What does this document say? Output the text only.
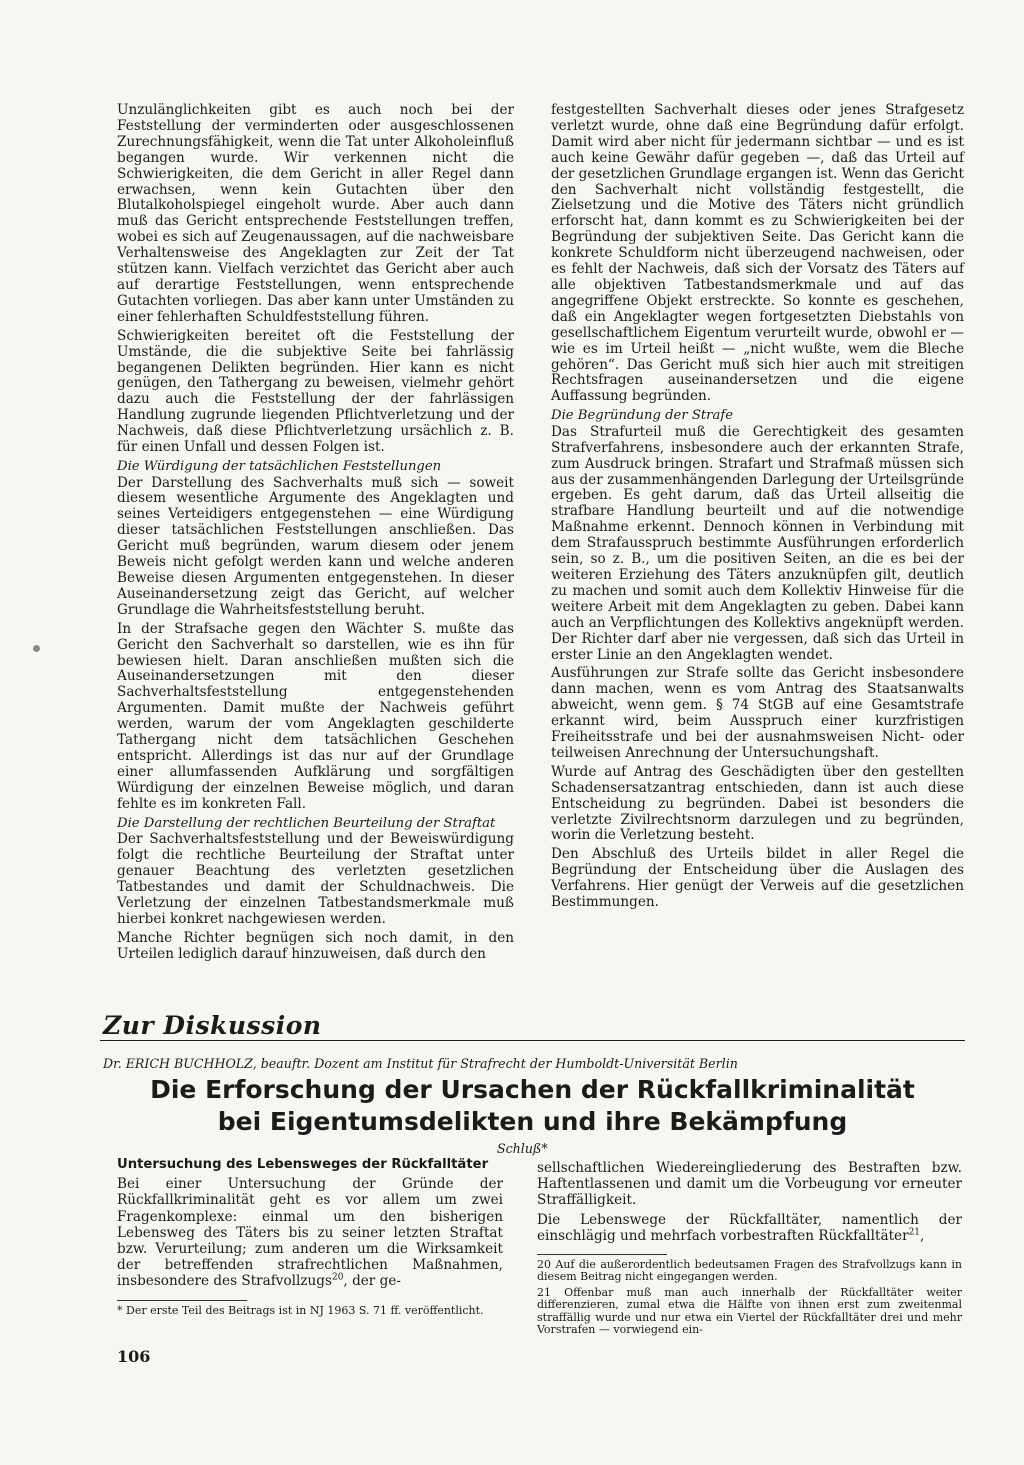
Unzulänglichkeiten gibt es auch noch bei der Feststellung der verminderten oder ausgeschlossenen Zurechnungsfähigkeit, wenn die Tat unter Alkoholeinfluß begangen wurde. Wir verkennen nicht die Schwierigkeiten, die dem Gericht in aller Regel dann erwachsen, wenn kein Gutachten über den Blutalkoholspiegel eingeholt wurde. Aber auch dann muß das Gericht entsprechende Feststellungen treffen, wobei es sich auf Zeugenaussagen, auf die nachweisbare Verhaltensweise des Angeklagten zur Zeit der Tat stützen kann. Vielfach verzichtet das Gericht aber auch auf derartige Feststellungen, wenn entsprechende Gutachten vorliegen. Das aber kann unter Umständen zu einer fehlerhaften Schuldfeststellung führen.

Schwierigkeiten bereitet oft die Feststellung der Umstände, die die subjektive Seite bei fahrlässig begangenen Delikten begründen. Hier kann es nicht genügen, den Tathergang zu beweisen, vielmehr gehört dazu auch die Feststellung der der fahrlässigen Handlung zugrunde liegenden Pflichtverletzung und der Nachweis, daß diese Pflichtverletzung ursächlich z. B. für einen Unfall und dessen Folgen ist.

Die Würdigung der tatsächlichen Feststellungen

Der Darstellung des Sachverhalts muß sich — soweit diesem wesentliche Argumente des Angeklagten und seines Verteidigers entgegenstehen — eine Würdigung dieser tatsächlichen Feststellungen anschließen. Das Gericht muß begründen, warum diesem oder jenem Beweis nicht gefolgt werden kann und welche anderen Beweise diesen Argumenten entgegenstehen. In dieser Auseinandersetzung zeigt das Gericht, auf welcher Grundlage die Wahrheitsfeststellung beruht.

In der Strafsache gegen den Wächter S. mußte das Gericht den Sachverhalt so darstellen, wie es ihn für bewiesen hielt. Daran anschließen mußten sich die Auseinandersetzungen mit den dieser Sachverhaltsfeststellung entgegenstehenden Argumenten. Damit mußte der Nachweis geführt werden, warum der vom Angeklagten geschilderte Tathergang nicht dem tatsächlichen Geschehen entspricht. Allerdings ist das nur auf der Grundlage einer allumfassenden Aufklärung und sorgfältigen Würdigung der einzelnen Beweise möglich, und daran fehlte es im konkreten Fall.

Die Darstellung der rechtlichen Beurteilung der Straftat

Der Sachverhaltsfeststellung und der Beweiswürdigung folgt die rechtliche Beurteilung der Straftat unter genauer Beachtung des verletzten gesetzlichen Tatbestandes und damit der Schuldnachweis. Die Verletzung der einzelnen Tatbestandsmerkmale muß hierbei konkret nachgewiesen werden.

Manche Richter begnügen sich noch damit, in den Urteilen lediglich darauf hinzuweisen, daß durch den

festgestellten Sachverhalt dieses oder jenes Strafgesetz verletzt wurde, ohne daß eine Begründung dafür erfolgt. Damit wird aber nicht für jedermann sichtbar — und es ist auch keine Gewähr dafür gegeben —, daß das Urteil auf der gesetzlichen Grundlage ergangen ist. Wenn das Gericht den Sachverhalt nicht vollständig festgestellt, die Zielsetzung und die Motive des Täters nicht gründlich erforscht hat, dann kommt es zu Schwierigkeiten bei der Begründung der subjektiven Seite. Das Gericht kann die konkrete Schuldform nicht überzeugend nachweisen, oder es fehlt der Nachweis, daß sich der Vorsatz des Täters auf alle objektiven Tatbestandsmerkmale und auf das angegriffene Objekt erstreckte. So konnte es geschehen, daß ein Angeklagter wegen fortgesetzten Diebstahls von gesellschaftlichem Eigentum verurteilt wurde, obwohl er — wie es im Urteil heißt — „nicht wußte, wem die Bleche gehören“. Das Gericht muß sich hier auch mit streitigen Rechtsfragen auseinandersetzen und die eigene Auffassung begründen.

Die Begründung der Strafe

Das Strafurteil muß die Gerechtigkeit des gesamten Strafverfahrens, insbesondere auch der erkannten Strafe, zum Ausdruck bringen. Strafart und Strafmaß müssen sich aus der zusammenhängenden Darlegung der Urteilsgründe ergeben. Es geht darum, daß das Urteil allseitig die strafbare Handlung beurteilt und auf die notwendige Maßnahme erkennt. Dennoch können in Verbindung mit dem Strafausspruch bestimmte Ausführungen erforderlich sein, so z. B., um die positiven Seiten, an die es bei der weiteren Erziehung des Täters anzuknüpfen gilt, deutlich zu machen und somit auch dem Kollektiv Hinweise für die weitere Arbeit mit dem Angeklagten zu geben. Dabei kann auch an Verpflichtungen des Kollektivs angeknüpft werden. Der Richter darf aber nie vergessen, daß sich das Urteil in erster Linie an den Angeklagten wendet.

Ausführungen zur Strafe sollte das Gericht insbesondere dann machen, wenn es vom Antrag des Staatsanwalts abweicht, wenn gem. § 74 StGB auf eine Gesamtstrafe erkannt wird, beim Ausspruch einer kurzfristigen Freiheitsstrafe und bei der ausnahmsweisen Nicht- oder teilweisen Anrechnung der Untersuchungshaft.

Wurde auf Antrag des Geschädigten über den gestellten Schadensersatzantrag entschieden, dann ist auch diese Entscheidung zu begründen. Dabei ist besonders die verletzte Zivilrechtsnorm darzulegen und zu begründen, worin die Verletzung besteht.

Den Abschluß des Urteils bildet in aller Regel die Begründung der Entscheidung über die Auslagen des Verfahrens. Hier genügt der Verweis auf die gesetzlichen Bestimmungen.

Zur Diskussion
Dr. ERICH BUCHHOLZ, beauftr. Dozent am Institut für Strafrecht der Humboldt-Universität Berlin
Die Erforschung der Ursachen der Rückfallkriminalität
bei Eigentumsdelikten und ihre Bekämpfung
Schluß*
Untersuchung des Lebensweges der Rückfalltäter

Bei einer Untersuchung der Gründe der Rückfallkriminalität geht es vor allem um zwei Fragenkomplexe: einmal um den bisherigen Lebensweg des Täters bis zu seiner letzten Straftat bzw. Verurteilung; zum anderen um die Wirksamkeit der betreffenden strafrechtlichen Maßnahmen, insbesondere des Strafvollzugs$^{20}$, der ge-

* Der erste Teil des Beitrags ist in NJ 1963 S. 71 ff. veröffentlicht.

sellschaftlichen Wiedereingliederung des Bestraften bzw. Haftentlassenen und damit um die Vorbeugung vor erneuter Straffälligkeit.

Die Lebenswege der Rückfalltäter, namentlich der einschlägig und mehrfach vorbestraften Rückfalltäter$^{21}$,

20 Auf die außerordentlich bedeutsamen Fragen des Strafvollzugs kann in diesem Beitrag nicht eingegangen werden.

21 Offenbar muß man auch innerhalb der Rückfalltäter weiter differenzieren, zumal etwa die Hälfte von ihnen erst zum zweitenmal straffällig wurde und nur etwa ein Viertel der Rückfalltäter drei und mehr Vorstrafen — vorwiegend ein-

106
